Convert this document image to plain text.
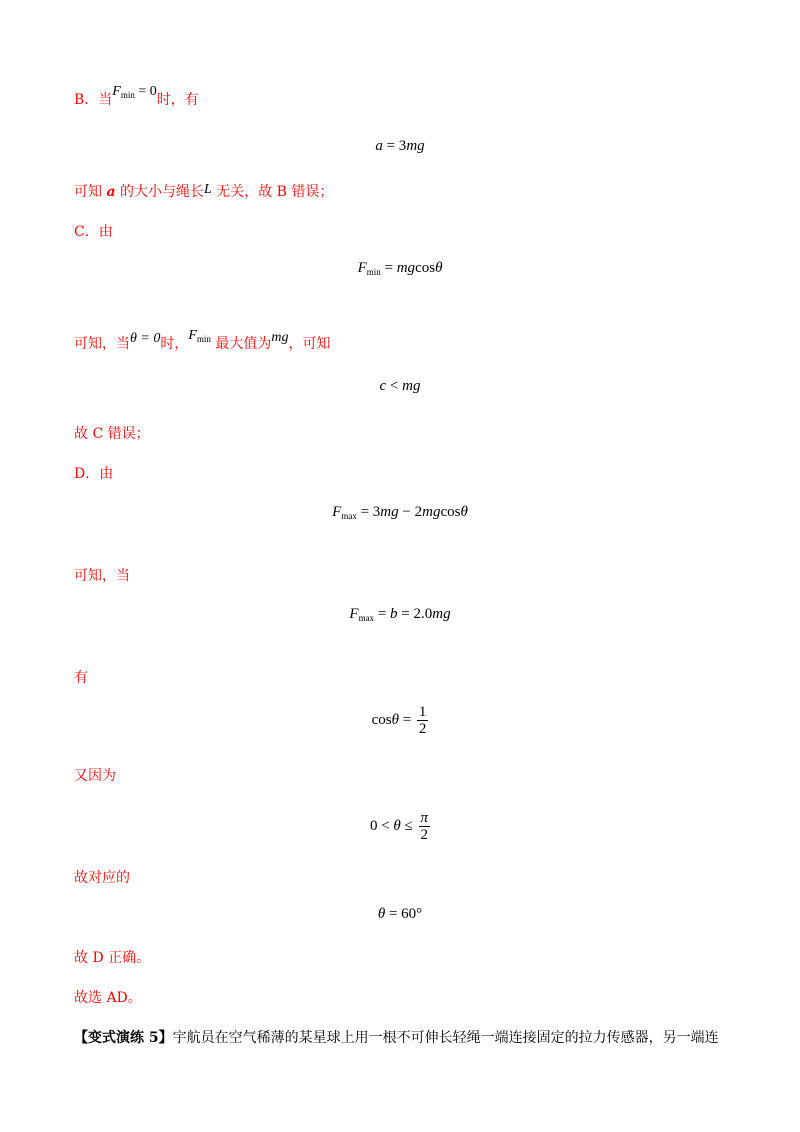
B．当$F_{min} = 0$时，有
a = 3mg
可知 a 的大小与绳长L 无关，故 B 错误；
C．由
$F_{min} = mgcos\theta$
可知，当θ = 0时，$F_{min}$ 最大值为mg，可知
c < mg
故 C 错误；
D．由
$F_{max} = 3mg - 2mgcos\theta$
可知，当
$F_{max} = b = 2.0mg$
有
$\cos\theta = \frac{1}{2}$
又因为
$0 < \theta \le \frac{\pi}{2}$
故对应的
θ = 60°
故 D 正确。
故选 AD。
【变式演练 5】宇航员在空气稀薄的某星球上用一根不可伸长轻绳一端连接固定的拉力传感器，另一端连
